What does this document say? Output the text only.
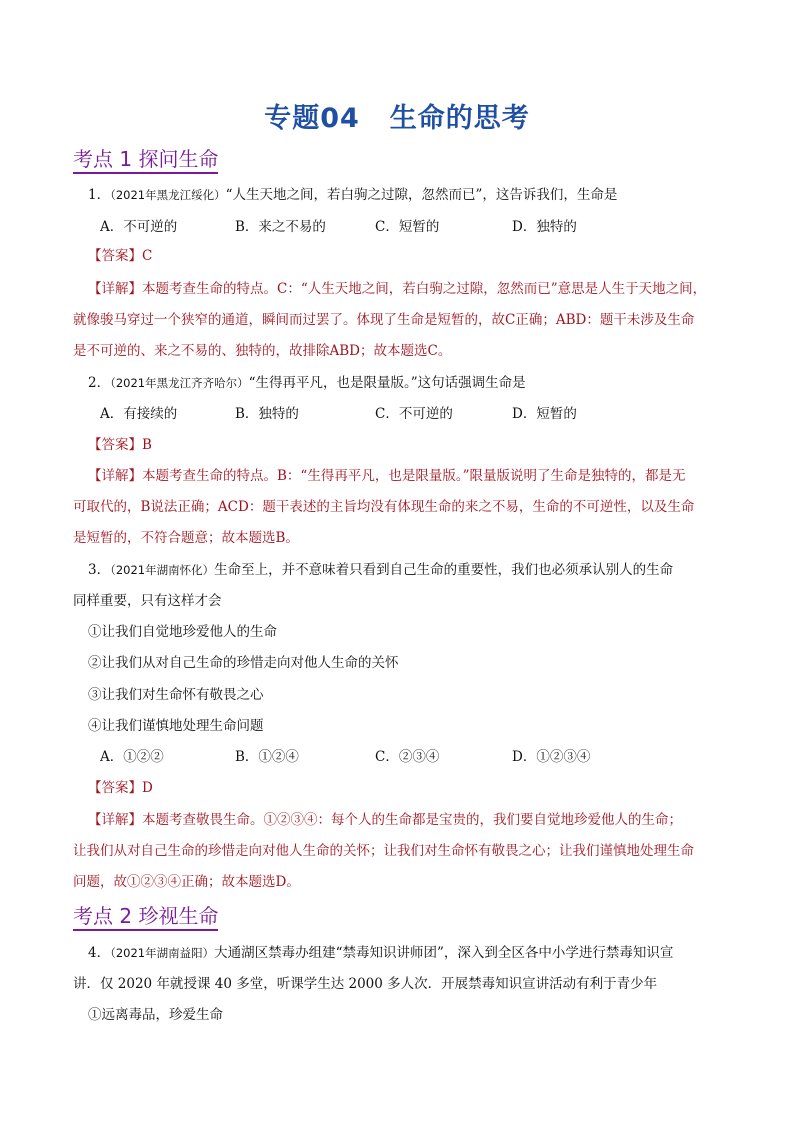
专题04 生命的思考
考点 1 探问生命
1．（2021年黑龙江绥化）“人生天地之间，若白驹之过隙，忽然而已”，这告诉我们，生命是
A．不可逆的	B．来之不易的	C．短暂的	D．独特的
【答案】C
【详解】本题考查生命的特点。C：“人生天地之间，若白驹之过隙，忽然而已”意思是人生于天地之间，
就像骏马穿过一个狭窄的通道，瞬间而过罢了。体现了生命是短暂的，故C正确；ABD：题干未涉及生命
是不可逆的、来之不易的、独特的，故排除ABD；故本题选C。
2．（2021年黑龙江齐齐哈尔）“生得再平凡，也是限量版。”这句话强调生命是
A．有接续的	B．独特的	C．不可逆的	D．短暂的
【答案】B
【详解】本题考查生命的特点。B：“生得再平凡，也是限量版。”限量版说明了生命是独特的，都是无
可取代的，B说法正确；ACD：题干表述的主旨均没有体现生命的来之不易，生命的不可逆性，以及生命
是短暂的，不符合题意；故本题选B。
3．（2021年湖南怀化）生命至上，并不意味着只看到自己生命的重要性，我们也必须承认别人的生命
同样重要，只有这样才会
①让我们自觉地珍爱他人的生命
②让我们从对自己生命的珍惜走向对他人生命的关怀
③让我们对生命怀有敬畏之心
④让我们谨慎地处理生命问题
A．①②②	B．①②④	C．②③④	D．①②③④
【答案】D
【详解】本题考查敬畏生命。①②③④：每个人的生命都是宝贵的，我们要自觉地珍爱他人的生命；
让我们从对自己生命的珍惜走向对他人生命的关怀；让我们对生命怀有敬畏之心；让我们谨慎地处理生命
问题，故①②③④正确；故本题选D。
考点 2 珍视生命
4．（2021年湖南益阳）大通湖区禁毒办组建“禁毒知识讲师团”，深入到全区各中小学进行禁毒知识宣
讲．仅 2020 年就授课 40 多堂，听课学生达 2000 多人次．开展禁毒知识宣讲活动有利于青少年
①远离毒品，珍爱生命
